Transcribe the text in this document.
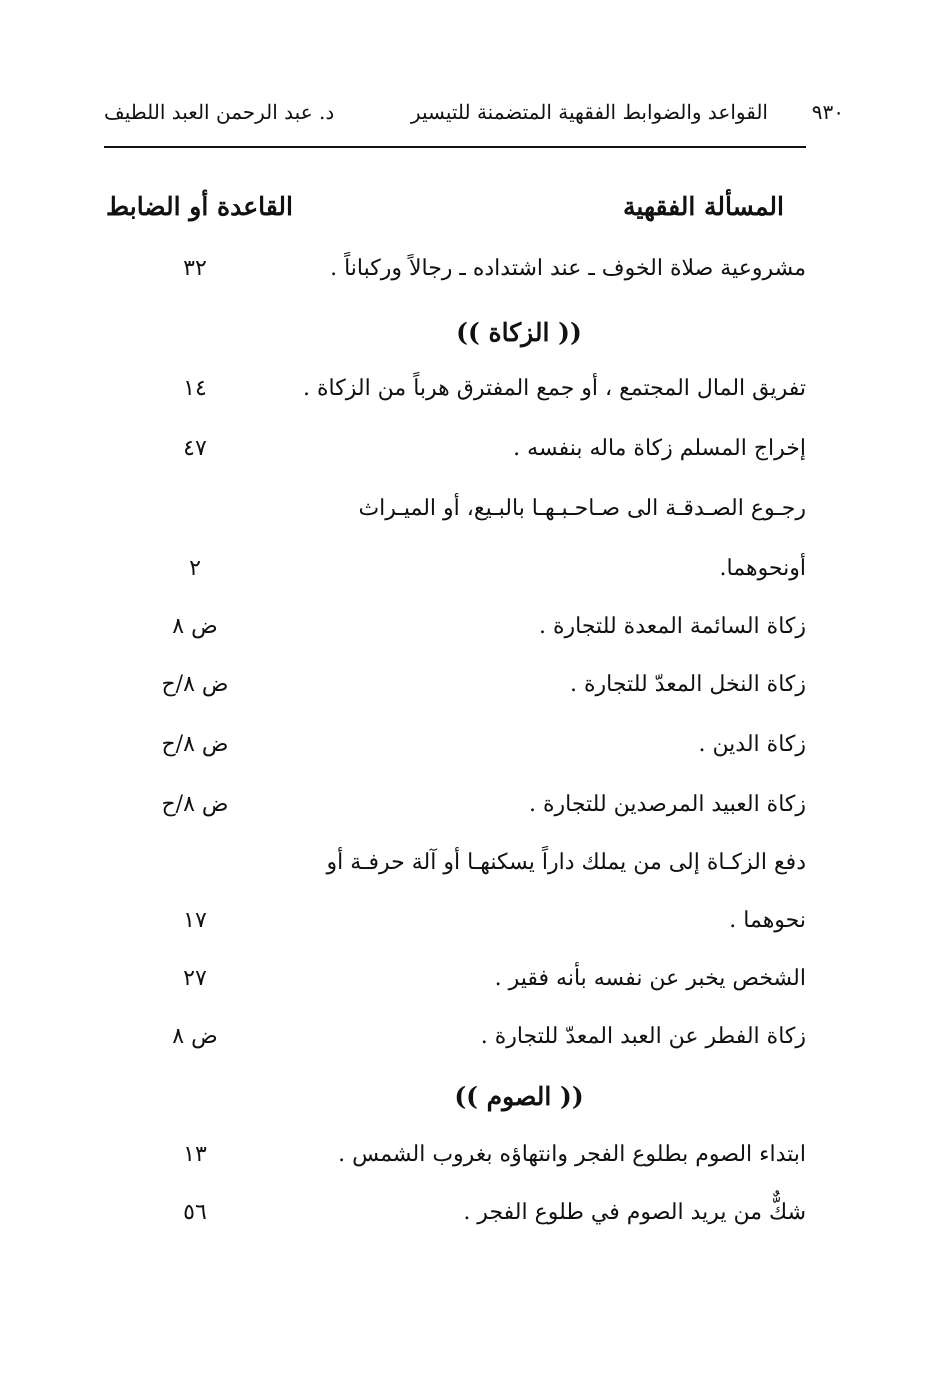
٩٣٠
القواعد والضوابط الفقهية المتضمنة للتيسير
د. عبد الرحمن العبد اللطيف
المسألة الفقهية
القاعدة أو الضابط
مشروعية صلاة الخوف ـ عند اشتداده ـ رجالاً وركباناً .
٣٢
(( الزكاة ))
تفريق المال المجتمع ، أو جمع المفترق هرباً من الزكاة .
١٤
إخراج المسلم زكاة ماله بنفسه .
٤٧
رجـوع الصـدقـة الى صـاحـبـهـا بالبـيع، أو الميـراث
أونحوهما.
٢
زكاة السائمة المعدة للتجارة .
ض ٨
زكاة النخل المعدّ للتجارة .
ض ٨/ح
زكاة الدين .
ض ٨/ح
زكاة العبيد المرصدين للتجارة .
ض ٨/ح
دفع الزكـاة إلى من يملك داراً يسكنهـا أو آلة حرفـة أو
نحوهما .
١٧
الشخص يخبر عن نفسه بأنه فقير .
٢٧
زكاة الفطر عن العبد المعدّ للتجارة .
ض ٨
(( الصوم ))
ابتداء الصوم بطلوع الفجر وانتهاؤه بغروب الشمس .
١٣
شكٌّ من يريد الصوم في طلوع الفجر .
٥٦
